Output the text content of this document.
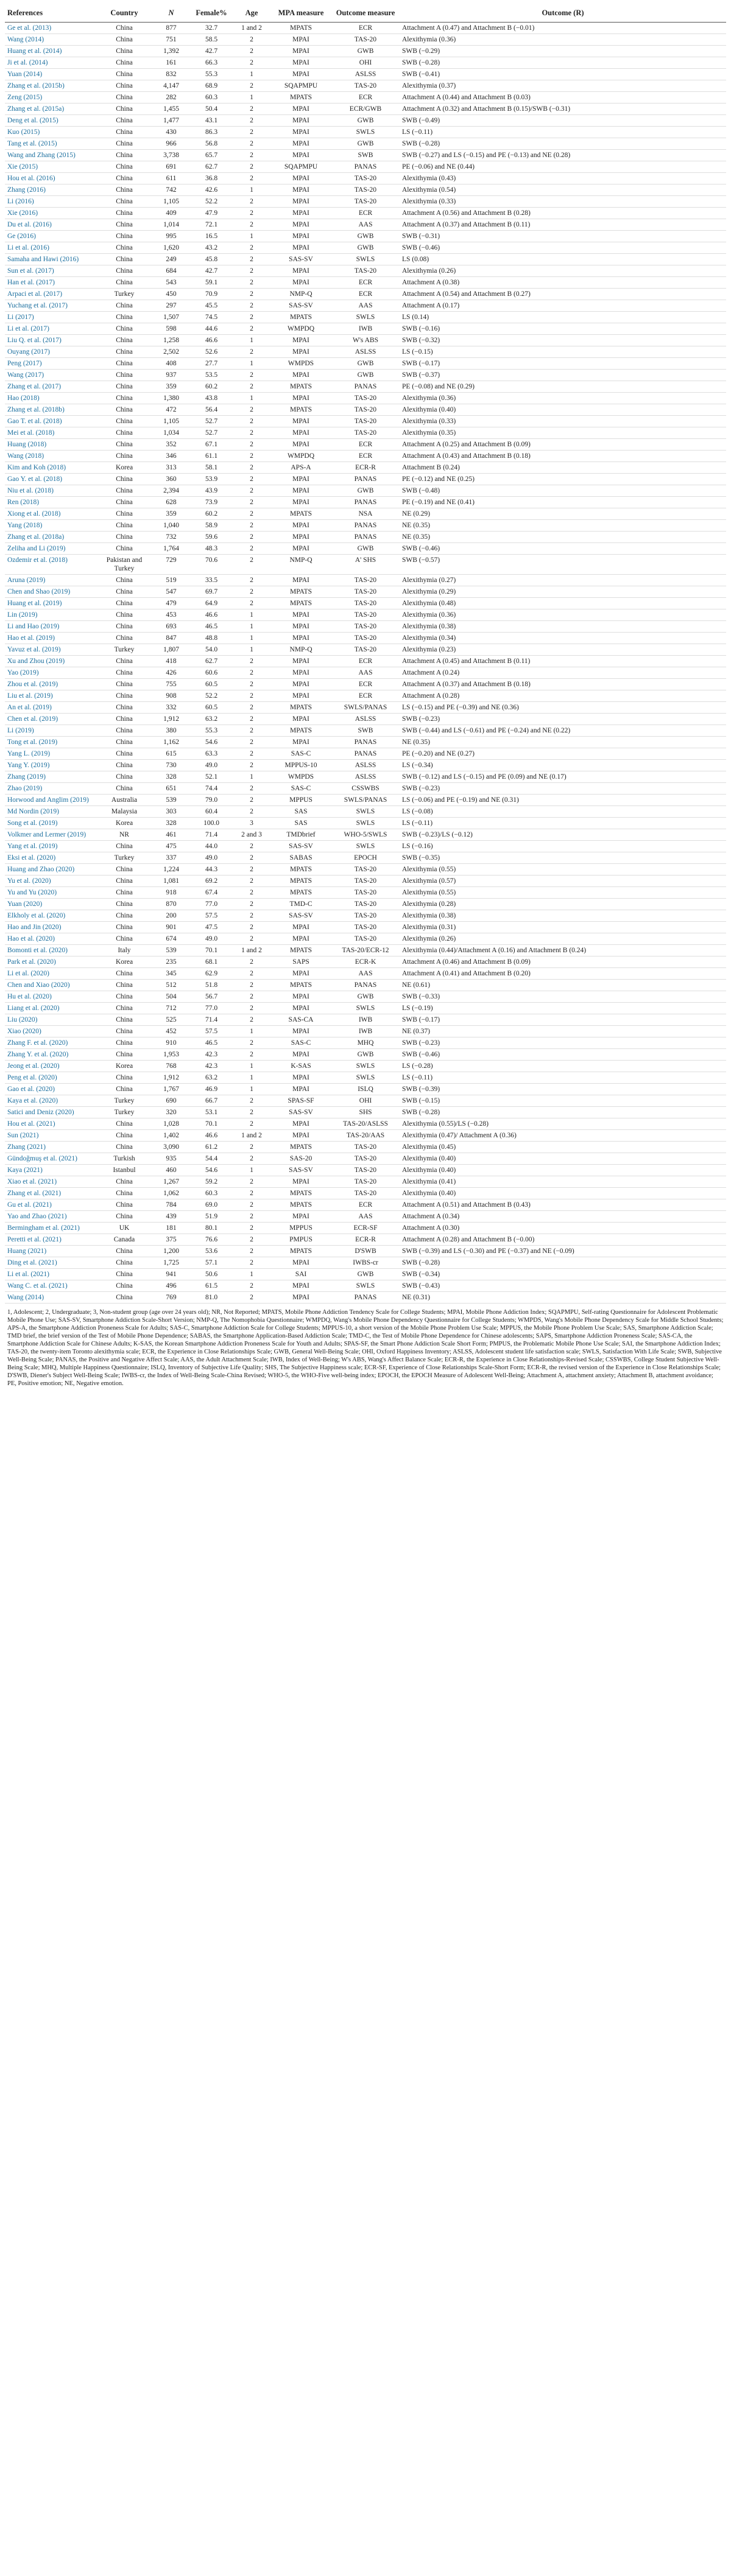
References	Country	N	Female%	Age	MPA measure	Outcome measure	Outcome (R)
Ge et al. (2013)	China	877	32.7	1 and 2	MPATS	ECR	Attachment A (0.47) and Attachment B (−0.01)
Wang (2014)	China	751	58.5	2	MPAI	TAS-20	Alexithymia (0.36)
Huang et al. (2014)	China	1,392	42.7	2	MPAI	GWB	SWB (−0.29)
Ji et al. (2014)	China	161	66.3	2	MPAI	OHI	SWB (−0.28)
Yuan (2014)	China	832	55.3	1	MPAI	ASLSS	SWB (−0.41)
Zhang et al. (2015b)	China	4,147	68.9	2	SQAPMPU	TAS-20	Alexithymia (0.37)
Zeng (2015)	China	282	60.3	1	MPATS	ECR	Attachment A (0.44) and Attachment B (0.03)
Zhang et al. (2015a)	China	1,455	50.4	2	MPAI	ECR/GWB	Attachment A (0.32) and Attachment B (0.15)/SWB (−0.31)
Deng et al. (2015)	China	1,477	43.1	2	MPAI	GWB	SWB (−0.49)
Kuo (2015)	China	430	86.3	2	MPAI	SWLS	LS (−0.11)
Tang et al. (2015)	China	966	56.8	2	MPAI	GWB	SWB (−0.28)
Wang and Zhang (2015)	China	3,738	65.7	2	MPAI	SWB	SWB (−0.27) and LS (−0.15) and PE (−0.13) and NE (0.28)
Xie (2015)	China	691	62.7	2	SQAPMPU	PANAS	PE (−0.06) and NE (0.44)
Hou et al. (2016)	China	611	36.8	2	MPAI	TAS-20	Alexithymia (0.43)
Zhang (2016)	China	742	42.6	1	MPAI	TAS-20	Alexithymia (0.54)
Li (2016)	China	1,105	52.2	2	MPAI	TAS-20	Alexithymia (0.33)
Xie (2016)	China	409	47.9	2	MPAI	ECR	Attachment A (0.56) and Attachment B (0.28)
Du et al. (2016)	China	1,014	72.1	2	MPAI	AAS	Attachment A (0.37) and Attachment B (0.11)
Ge (2016)	China	995	16.5	1	MPAI	GWB	SWB (−0.31)
Li et al. (2016)	China	1,620	43.2	2	MPAI	GWB	SWB (−0.46)
Samaha and Hawi (2016)	China	249	45.8	2	SAS-SV	SWLS	LS (0.08)
Sun et al. (2017)	China	684	42.7	2	MPAI	TAS-20	Alexithymia (0.26)
Han et al. (2017)	China	543	59.1	2	MPAI	ECR	Attachment A (0.38)
Arpaci et al. (2017)	Turkey	450	70.9	2	NMP-Q	ECR	Attachment A (0.54) and Attachment B (0.27)
Yuchang et al. (2017)	China	297	45.5	2	SAS-SV	AAS	Attachment A (0.17)
Li (2017)	China	1,507	74.5	2	MPATS	SWLS	LS (0.14)
Li et al. (2017)	China	598	44.6	2	WMPDQ	IWB	SWB (−0.16)
Liu Q. et al. (2017)	China	1,258	46.6	1	MPAI	W's ABS	SWB (−0.32)
Ouyang (2017)	China	2,502	52.6	2	MPAI	ASLSS	LS (−0.15)
Peng (2017)	China	408	27.7	1	WMPDS	GWB	SWB (−0.17)
Wang (2017)	China	937	53.5	2	MPAI	GWB	SWB (−0.37)
Zhang et al. (2017)	China	359	60.2	2	MPATS	PANAS	PE (−0.08) and NE (0.29)
Hao (2018)	China	1,380	43.8	1	MPAI	TAS-20	Alexithymia (0.36)
Zhang et al. (2018b)	China	472	56.4	2	MPATS	TAS-20	Alexithymia (0.40)
Gao T. et al. (2018)	China	1,105	52.7	2	MPAI	TAS-20	Alexithymia (0.33)
Mei et al. (2018)	China	1,034	52.7	2	MPAI	TAS-20	Alexithymia (0.35)
Huang (2018)	China	352	67.1	2	MPAI	ECR	Attachment A (0.25) and Attachment B (0.09)
Wang (2018)	China	346	61.1	2	WMPDQ	ECR	Attachment A (0.43) and Attachment B (0.18)
Kim and Koh (2018)	Korea	313	58.1	2	APS-A	ECR-R	Attachment B (0.24)
Gao Y. et al. (2018)	China	360	53.9	2	MPAI	PANAS	PE (−0.12) and NE (0.25)
Niu et al. (2018)	China	2,394	43.9	2	MPAI	GWB	SWB (−0.48)
Ren (2018)	China	628	73.9	2	MPAI	PANAS	PE (−0.19) and NE (0.41)
Xiong et al. (2018)	China	359	60.2	2	MPATS	NSA	NE (0.29)
Yang (2018)	China	1,040	58.9	2	MPAI	PANAS	NE (0.35)
Zhang et al. (2018a)	China	732	59.6	2	MPAI	PANAS	NE (0.35)
Zeliha and Li (2019)	China	1,764	48.3	2	MPAI	GWB	SWB (−0.46)
Ozdemir et al. (2018)	Pakistan and Turkey	729	70.6	2	NMP-Q	A' SHS	SWB (−0.57)
Aruna (2019)	China	519	33.5	2	MPAI	TAS-20	Alexithymia (0.27)
Chen and Shao (2019)	China	547	69.7	2	MPATS	TAS-20	Alexithymia (0.29)
Huang et al. (2019)	China	479	64.9	2	MPATS	TAS-20	Alexithymia (0.48)
Lin (2019)	China	453	46.6	1	MPAI	TAS-20	Alexithymia (0.36)
Li and Hao (2019)	China	693	46.5	1	MPAI	TAS-20	Alexithymia (0.38)
Hao et al. (2019)	China	847	48.8	1	MPAI	TAS-20	Alexithymia (0.34)
Yavuz et al. (2019)	Turkey	1,807	54.0	1	NMP-Q	TAS-20	Alexithymia (0.23)
Xu and Zhou (2019)	China	418	62.7	2	MPAI	ECR	Attachment A (0.45) and Attachment B (0.11)
Yao (2019)	China	426	60.6	2	MPAI	AAS	Attachment A (0.24)
Zhou et al. (2019)	China	755	60.5	2	MPAI	ECR	Attachment A (0.37) and Attachment B (0.18)
Liu et al. (2019)	China	908	52.2	2	MPAI	ECR	Attachment A (0.28)
An et al. (2019)	China	332	60.5	2	MPATS	SWLS/PANAS	LS (−0.15) and PE (−0.39) and NE (0.36)
Chen et al. (2019)	China	1,912	63.2	2	MPAI	ASLSS	SWB (−0.23)
Li (2019)	China	380	55.3	2	MPATS	SWB	SWB (−0.44) and LS (−0.61) and PE (−0.24) and NE (0.22)
Tong et al. (2019)	China	1,162	54.6	2	MPAI	PANAS	NE (0.35)
Yang L. (2019)	China	615	63.3	2	SAS-C	PANAS	PE (−0.20) and NE (0.27)
Yang Y. (2019)	China	730	49.0	2	MPPUS-10	ASLSS	LS (−0.34)
Zhang (2019)	China	328	52.1	1	WMPDS	ASLSS	SWB (−0.12) and LS (−0.15) and PE (0.09) and NE (0.17)
Zhao (2019)	China	651	74.4	2	SAS-C	CSSWBS	SWB (−0.23)
Horwood and Anglim (2019)	Australia	539	79.0	2	MPPUS	SWLS/PANAS	LS (−0.06) and PE (−0.19) and NE (0.31)
Md Nordin (2019)	Malaysia	303	60.4	2	SAS	SWLS	LS (−0.08)
Song et al. (2019)	Korea	328	100.0	3	SAS	SWLS	LS (−0.11)
Volkmer and Lermer (2019)	NR	461	71.4	2 and 3	TMDbrief	WHO-5/SWLS	SWB (−0.23)/LS (−0.12)
Yang et al. (2019)	China	475	44.0	2	SAS-SV	SWLS	LS (−0.16)
Eksi et al. (2020)	Turkey	337	49.0	2	SABAS	EPOCH	SWB (−0.35)
Huang and Zhao (2020)	China	1,224	44.3	2	MPATS	TAS-20	Alexithymia (0.55)
Yu et al. (2020)	China	1,081	69.2	2	MPATS	TAS-20	Alexithymia (0.57)
Yu and Yu (2020)	China	918	67.4	2	MPATS	TAS-20	Alexithymia (0.55)
Yuan (2020)	China	870	77.0	2	TMD-C	TAS-20	Alexithymia (0.28)
Elkholy et al. (2020)	China	200	57.5	2	SAS-SV	TAS-20	Alexithymia (0.38)
Hao and Jin (2020)	China	901	47.5	2	MPAI	TAS-20	Alexithymia (0.31)
Hao et al. (2020)	China	674	49.0	2	MPAI	TAS-20	Alexithymia (0.26)
Bomonti et al. (2020)	Italy	539	70.1	1 and 2	MPATS	TAS-20/ECR-12	Alexithymia (0.44)/Attachment A (0.16) and Attachment B (0.24)
Park et al. (2020)	Korea	235	68.1	2	SAPS	ECR-K	Attachment A (0.46) and Attachment B (0.09)
Li et al. (2020)	China	345	62.9	2	MPAI	AAS	Attachment A (0.41) and Attachment B (0.20)
Chen and Xiao (2020)	China	512	51.8	2	MPATS	PANAS	NE (0.61)
Hu et al. (2020)	China	504	56.7	2	MPAI	GWB	SWB (−0.33)
Liang et al. (2020)	China	712	77.0	2	MPAI	SWLS	LS (−0.19)
Liu (2020)	China	525	71.4	2	SAS-CA	IWB	SWB (−0.17)
Xiao (2020)	China	452	57.5	1	MPAI	IWB	NE (0.37)
Zhang F. et al. (2020)	China	910	46.5	2	SAS-C	MHQ	SWB (−0.23)
Zhang Y. et al. (2020)	China	1,953	42.3	2	MPAI	GWB	SWB (−0.46)
Jeong et al. (2020)	Korea	768	42.3	1	K-SAS	SWLS	LS (−0.28)
Peng et al. (2020)	China	1,912	63.2	1	MPAI	SWLS	LS (−0.11)
Gao et al. (2020)	China	1,767	46.9	1	MPAI	ISLQ	SWB (−0.39)
Kaya et al. (2020)	Turkey	690	66.7	2	SPAS-SF	OHI	SWB (−0.15)
Satici and Deniz (2020)	Turkey	320	53.1	2	SAS-SV	SHS	SWB (−0.28)
Hou et al. (2021)	China	1,028	70.1	2	MPAI	TAS-20/ASLSS	Alexithymia (0.55)/LS (−0.28)
Sun (2021)	China	1,402	46.6	1 and 2	MPAI	TAS-20/AAS	Alexithymia (0.47)/ Attachment A (0.36)
Zhang (2021)	China	3,090	61.2	2	MPATS	TAS-20	Alexithymia (0.45)
Gündoğmuş et al. (2021)	Turkish	935	54.4	2	SAS-20	TAS-20	Alexithymia (0.40)
Kaya (2021)	Istanbul	460	54.6	1	SAS-SV	TAS-20	Alexithymia (0.40)
Xiao et al. (2021)	China	1,267	59.2	2	MPAI	TAS-20	Alexithymia (0.41)
Zhang et al. (2021)	China	1,062	60.3	2	MPATS	TAS-20	Alexithymia (0.40)
Gu et al. (2021)	China	784	69.0	2	MPATS	ECR	Attachment A (0.51) and Attachment B (0.43)
Yao and Zhao (2021)	China	439	51.9	2	MPAI	AAS	Attachment A (0.34)
Bermingham et al. (2021)	UK	181	80.1	2	MPPUS	ECR-SF	Attachment A (0.30)
Peretti et al. (2021)	Canada	375	76.6	2	PMPUS	ECR-R	Attachment A (0.28) and Attachment B (−0.00)
Huang (2021)	China	1,200	53.6	2	MPATS	D'SWB	SWB (−0.39) and LS (−0.30) and PE (−0.37) and NE (−0.09)
Ding et al. (2021)	China	1,725	57.1	2	MPAI	IWBS-cr	SWB (−0.28)
Li et al. (2021)	China	941	50.6	1	SAI	GWB	SWB (−0.34)
Wang C. et al. (2021)	China	496	61.5	2	MPAI	SWLS	SWB (−0.43)
Wang (2014)	China	769	81.0	2	MPAI	PANAS	NE (0.31)
1, Adolescent; 2, Undergraduate; 3, Non-student group (age over 24 years old); NR, Not Reported; MPATS, Mobile Phone Addiction Tendency Scale for College Students; MPAI, Mobile Phone Addiction Index; SQAPMPU, Self-rating Questionnaire for Adolescent Problematic Mobile Phone Use; SAS-SV, Smartphone Addiction Scale-Short Version; NMP-Q, The Nomophobia Questionnaire; WMPDQ, Wang's Mobile Phone Dependency Questionnaire for College Students; WMPDS, Wang's Mobile Phone Dependency Scale for Middle School Students; APS-A, the Smartphone Addiction Proneness Scale for Adults; SAS-C, Smartphone Addiction Scale for College Students; MPPUS-10, a short version of the Mobile Phone Problem Use Scale; MPPUS, the Mobile Phone Problem Use Scale; SAS, Smartphone Addiction Scale; TMD brief, the brief version of the Test of Mobile Phone Dependence; SABAS, the Smartphone Application-Based Addiction Scale; TMD-C, the Test of Mobile Phone Dependence for Chinese adolescents; SAPS, Smartphone Addiction Proneness Scale; SAS-CA, the Smartphone Addiction Scale for Chinese Adults; K-SAS, the Korean Smartphone Addiction Proneness Scale for Youth and Adults; SPAS-SF, the Smart Phone Addiction Scale Short Form; PMPUS, the Problematic Mobile Phone Use Scale; SAI, the Smartphone Addiction Index; TAS-20, the twenty-item Toronto alexithymia scale; ECR, the Experience in Close Relationships Scale; GWB, General Well-Being Scale; OHI, Oxford Happiness Inventory; ASLSS, Adolescent student life satisfaction scale; SWLS, Satisfaction With Life Scale; SWB, Subjective Well-Being Scale; PANAS, the Positive and Negative Affect Scale; AAS, the Adult Attachment Scale; IWB, Index of Well-Being; W's ABS, Wang's Affect Balance Scale; ECR-R, the Experience in Close Relationships-Revised Scale; CSSWBS, College Student Subjective Well-Being Scale; MHQ, Multiple Happiness Questionnaire; ISLQ, Inventory of Subjective Life Quality; SHS, The Subjective Happiness scale; ECR-SF, Experience of Close Relationships Scale-Short Form; ECR-R, the revised version of the Experience in Close Relationships Scale; D'SWB, Diener's Subject Well-Being Scale; IWBS-cr, the Index of Well-Being Scale-China Revised; WHO-5, the WHO-Five well-being index; EPOCH, the EPOCH Measure of Adolescent Well-Being; Attachment A, attachment anxiety; Attachment B, attachment avoidance; PE, Positive emotion; NE, Negative emotion.
